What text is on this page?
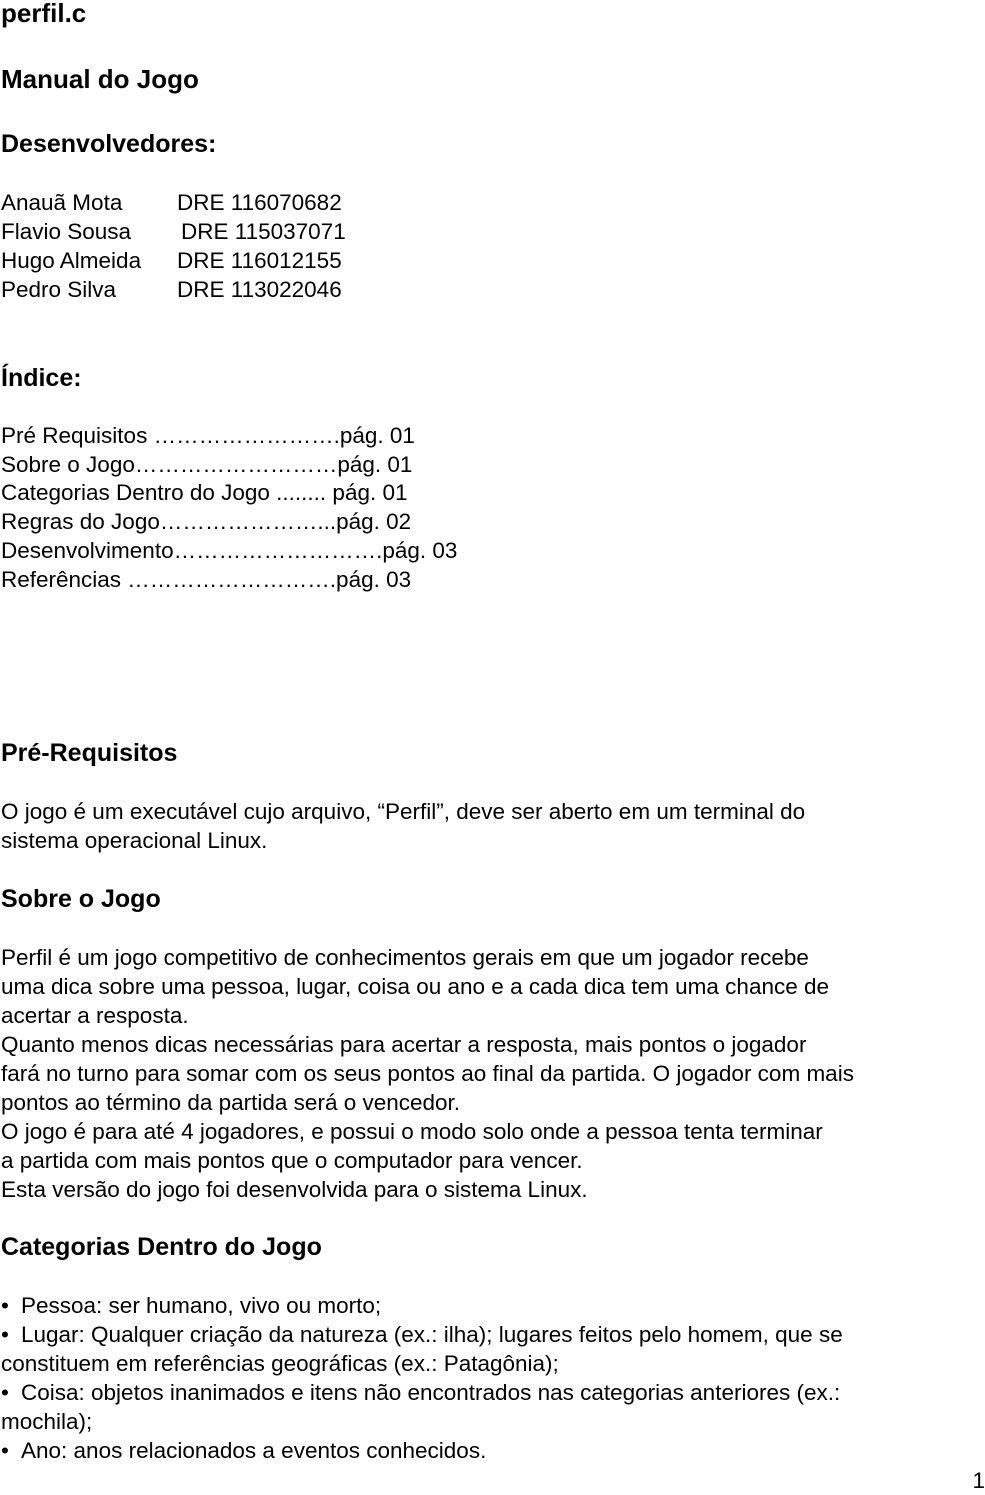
perfil.c
Manual do Jogo
Desenvolvedores:
Anauã Mota DRE 116070682
Flavio Sousa DRE 115037071
Hugo Almeida DRE 116012155
Pedro Silva	DRE 113022046
Índice:
Pré Requisitos …………………….pág. 01
Sobre o Jogo………………………pág. 01
Categorias Dentro do Jogo ........ pág. 01
Regras do Jogo…………………...pág. 02
Desenvolvimento……………………….pág. 03
Referências ……………………….pág. 03
Pré-Requisitos
O jogo é um executável cujo arquivo, “Perfil”, deve ser aberto em um terminal do
sistema operacional Linux.
Sobre o Jogo
Perfil é um jogo competitivo de conhecimentos gerais em que um jogador recebe
uma dica sobre uma pessoa, lugar, coisa ou ano e a cada dica tem uma chance de
acertar a resposta.
Quanto menos dicas necessárias para acertar a resposta, mais pontos o jogador
fará no turno para somar com os seus pontos ao final da partida. O jogador com mais
pontos ao término da partida será o vencedor.
O jogo é para até 4 jogadores, e possui o modo solo onde a pessoa tenta terminar
a partida com mais pontos que o computador para vencer.
Esta versão do jogo foi desenvolvida para o sistema Linux.
Categorias Dentro do Jogo
• Pessoa: ser humano, vivo ou morto;
• Lugar: Qualquer criação da natureza (ex.: ilha); lugares feitos pelo homem, que se
constituem em referências geográficas (ex.: Patagônia);
• Coisa: objetos inanimados e itens não encontrados nas categorias anteriores (ex.:
mochila);
• Ano: anos relacionados a eventos conhecidos.
1
